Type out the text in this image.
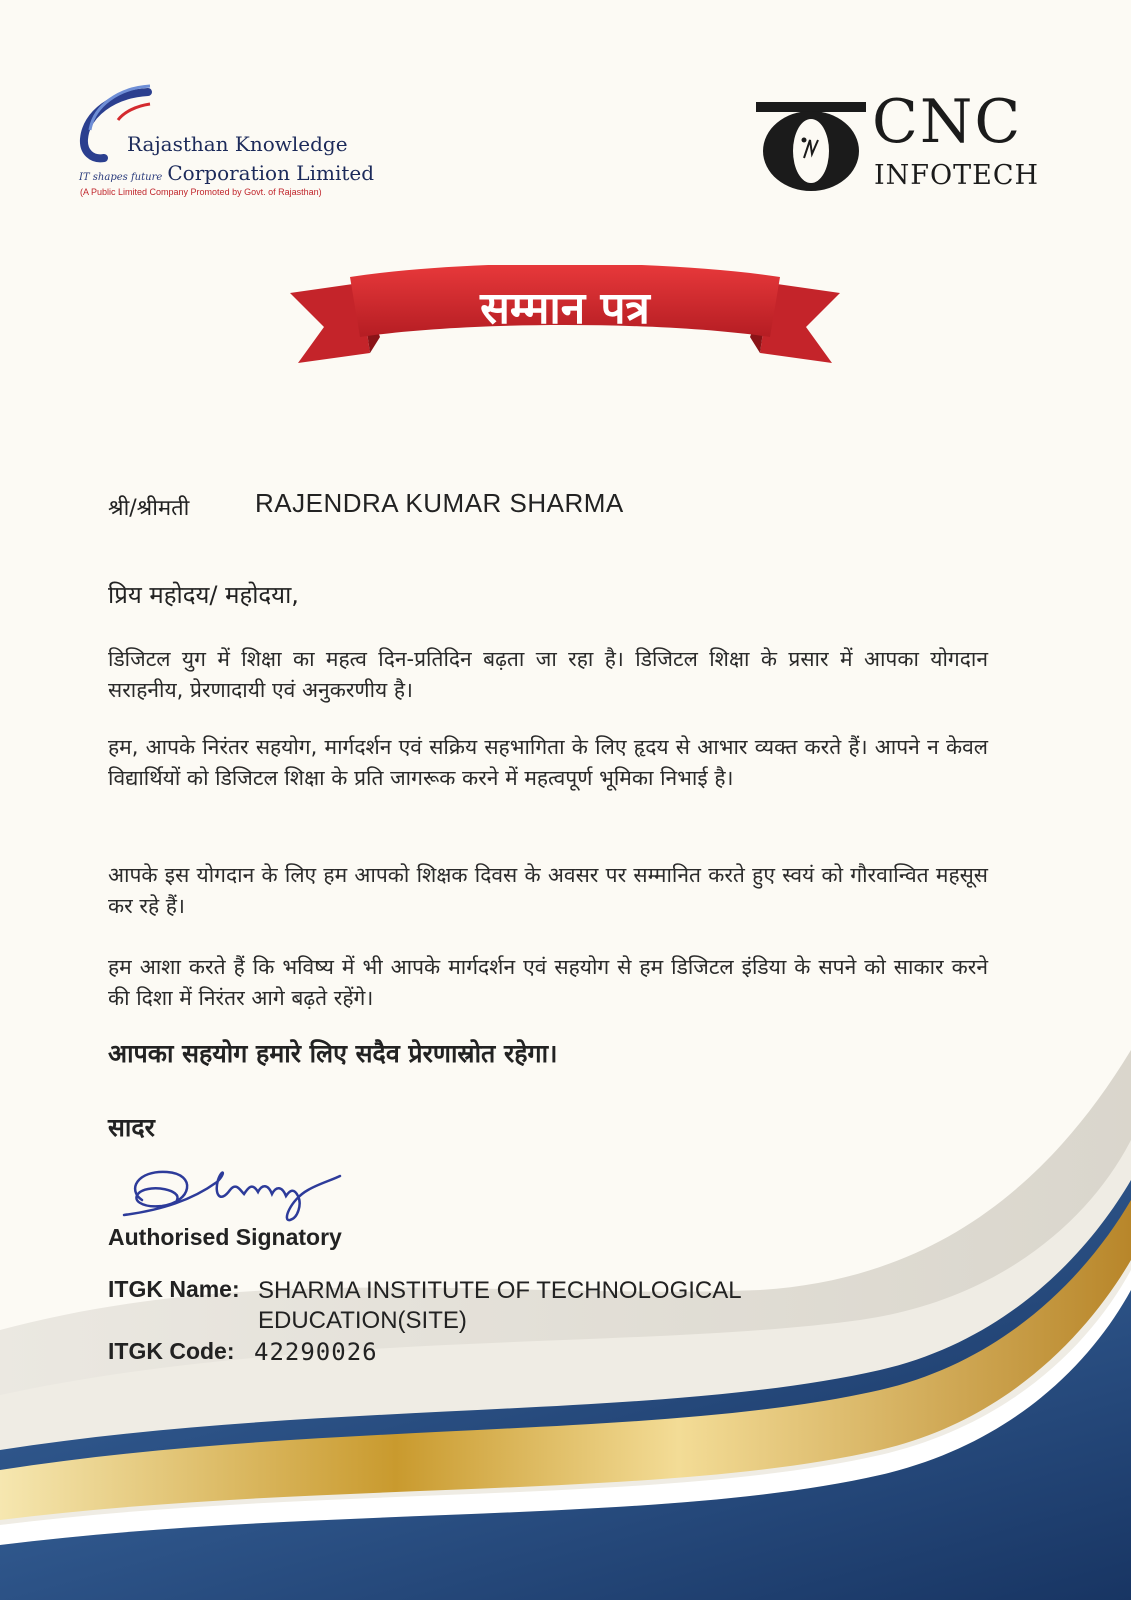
Rajasthan Knowledge
IT shapes future Corporation Limited
(A Public Limited Company Promoted by Govt. of Rajasthan)
CNC
INFOTECH
सम्मान पत्र
श्री/श्रीमती	RAJENDRA KUMAR SHARMA
प्रिय महोदय/ महोदया,
डिजिटल युग में शिक्षा का महत्व दिन-प्रतिदिन बढ़ता जा रहा है। डिजिटल शिक्षा के प्रसार में आपका योगदान सराहनीय, प्रेरणादायी एवं अनुकरणीय है।
हम, आपके निरंतर सहयोग, मार्गदर्शन एवं सक्रिय सहभागिता के लिए हृदय से आभार व्यक्त करते हैं। आपने न केवल विद्यार्थियों को डिजिटल शिक्षा के प्रति जागरूक करने में महत्वपूर्ण भूमिका निभाई है।
आपके इस योगदान के लिए हम आपको शिक्षक दिवस के अवसर पर सम्मानित करते हुए स्वयं को गौरवान्वित महसूस कर रहे हैं।
हम आशा करते हैं कि भविष्य में भी आपके मार्गदर्शन एवं सहयोग से हम डिजिटल इंडिया के सपने को साकार करने की दिशा में निरंतर आगे बढ़ते रहेंगे।
आपका सहयोग हमारे लिए सदैव प्रेरणास्रोत रहेगा।
सादर
Authorised Signatory
ITGK Name: SHARMA INSTITUTE OF TECHNOLOGICAL EDUCATION(SITE)
ITGK Code: 42290026
